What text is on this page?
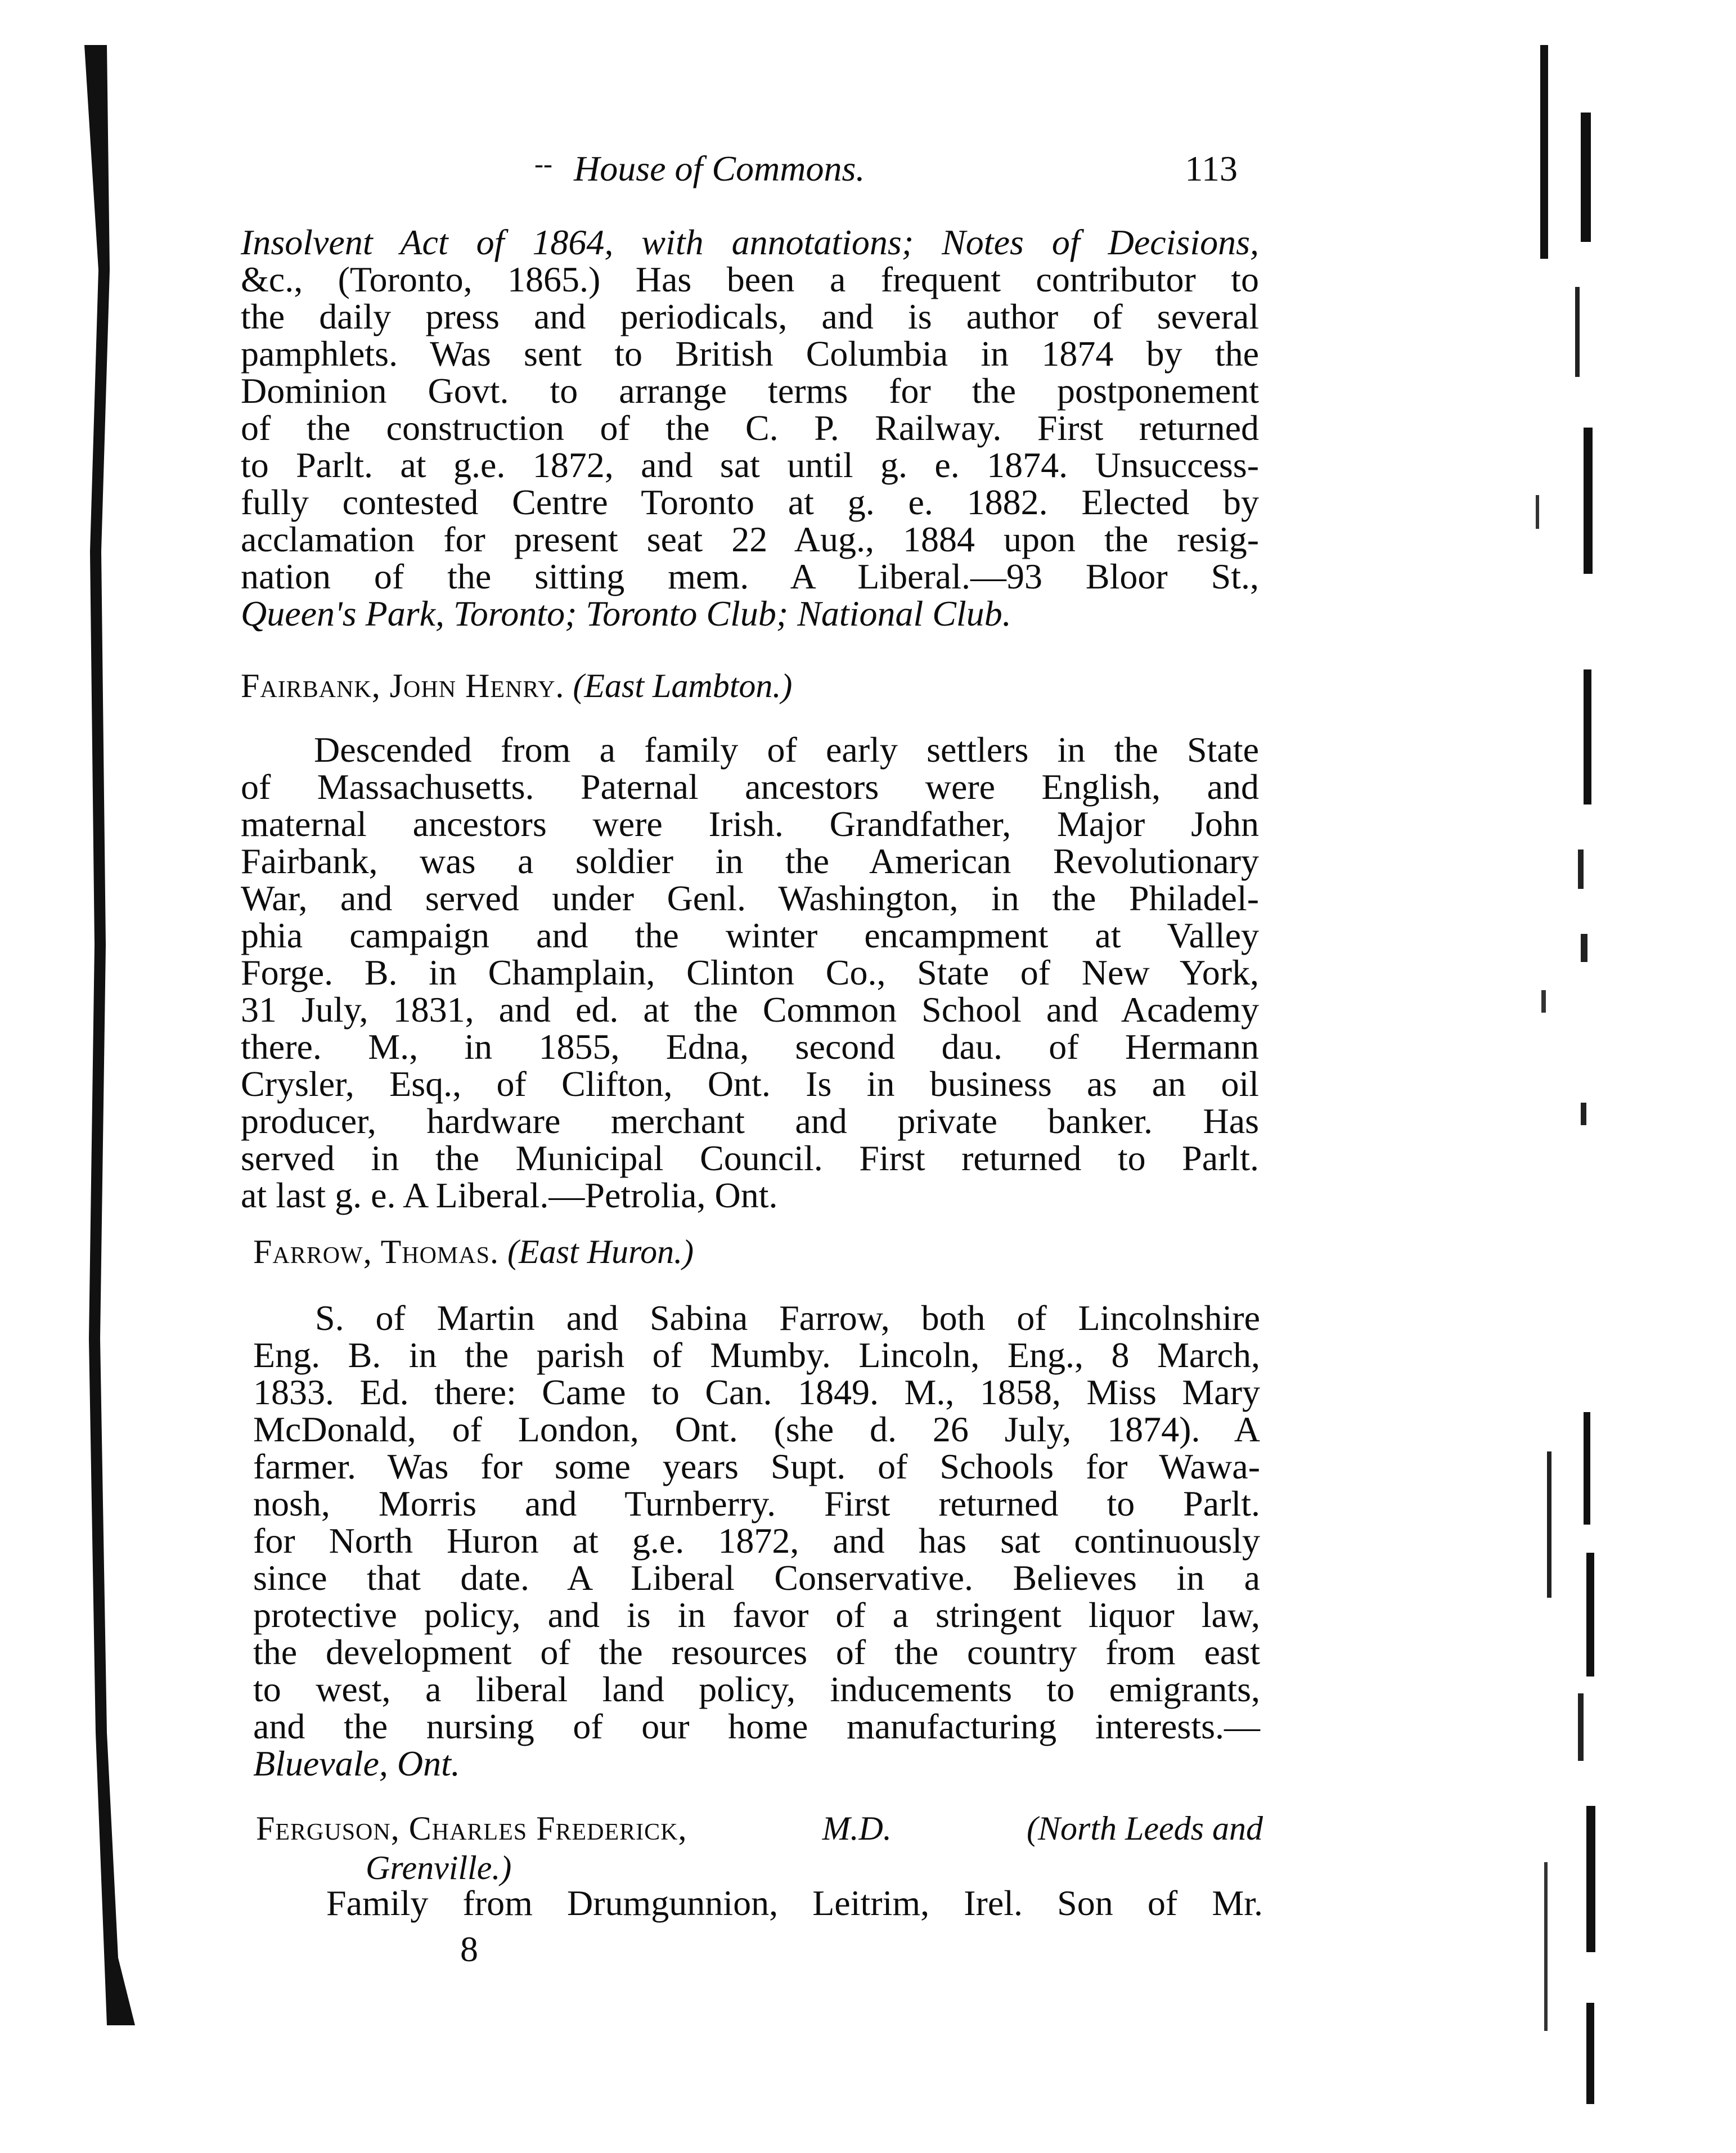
-- House of Commons.	113
Insolvent Act of 1864, with annotations; Notes of Decisions,
&c., (Toronto, 1865.) Has been a frequent contributor to
the daily press and periodicals, and is author of several
pamphlets. Was sent to British Columbia in 1874 by the
Dominion Govt. to arrange terms for the postponement
of the construction of the C. P. Railway. First returned
to Parlt. at g.e. 1872, and sat until g. e. 1874. Unsuccess-
fully contested Centre Toronto at g. e. 1882. Elected by
acclamation for present seat 22 Aug., 1884 upon the resig-
nation of the sitting mem. A Liberal.—93 Bloor St.,
Queen's Park, Toronto; Toronto Club; National Club.
Fairbank, John Henry. (East Lambton.)
Descended from a family of early settlers in the State
of Massachusetts. Paternal ancestors were English, and
maternal ancestors were Irish. Grandfather, Major John
Fairbank, was a soldier in the American Revolutionary
War, and served under Genl. Washington, in the Philadel-
phia campaign and the winter encampment at Valley
Forge. B. in Champlain, Clinton Co., State of New York,
31 July, 1831, and ed. at the Common School and Academy
there. M., in 1855, Edna, second dau. of Hermann
Crysler, Esq., of Clifton, Ont. Is in business as an oil
producer, hardware merchant and private banker. Has
served in the Municipal Council. First returned to Parlt.
at last g. e. A Liberal.—Petrolia, Ont.
Farrow, Thomas. (East Huron.)
S. of Martin and Sabina Farrow, both of Lincolnshire
Eng. B. in the parish of Mumby. Lincoln, Eng., 8 March,
1833. Ed. there: Came to Can. 1849. M., 1858, Miss Mary
McDonald, of London, Ont. (she d. 26 July, 1874). A
farmer. Was for some years Supt. of Schools for Wawa-
nosh, Morris and Turnberry. First returned to Parlt.
for North Huron at g.e. 1872, and has sat continuously
since that date. A Liberal Conservative. Believes in a
protective policy, and is in favor of a stringent liquor law,
the development of the resources of the country from east
to west, a liberal land policy, inducements to emigrants,
and the nursing of our home manufacturing interests.—
Bluevale, Ont.
Ferguson, Charles Frederick,	M.D.	(North Leeds and
Grenville.)
Family from Drumgunnion, Leitrim, Irel. Son of Mr.
8
